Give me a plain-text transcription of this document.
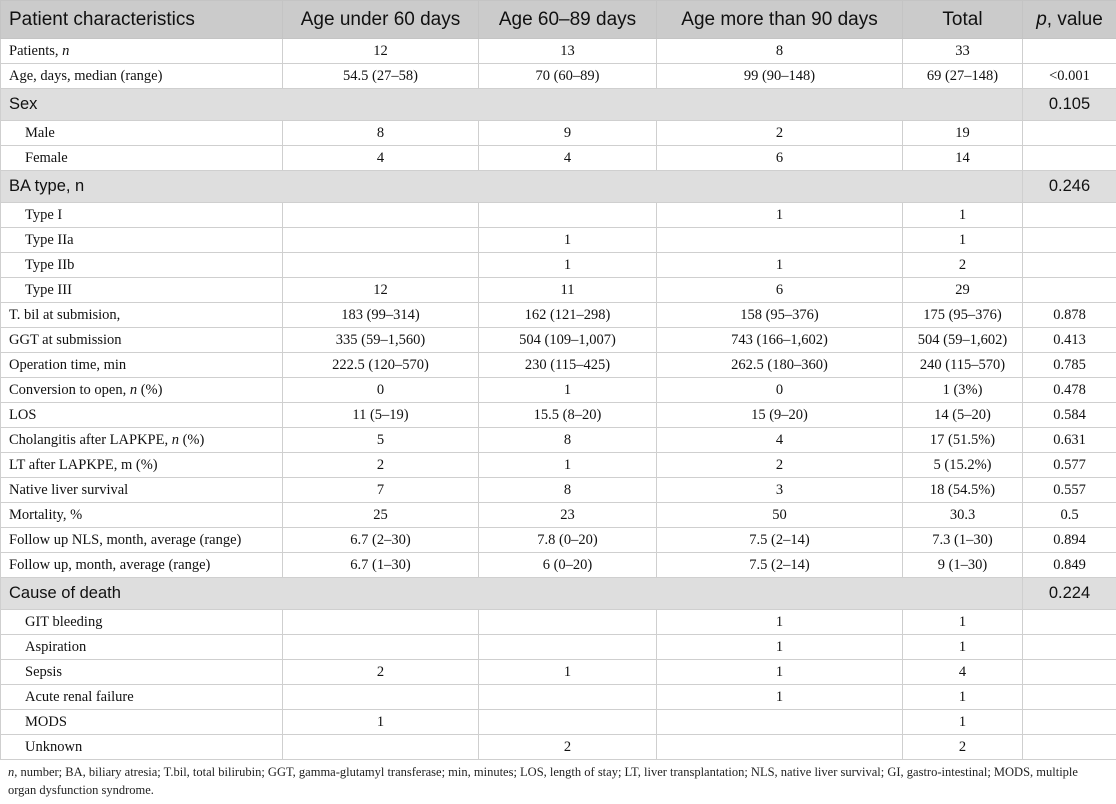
Patient characteristics	Age under 60 days	Age 60–89 days	Age more than 90 days	Total	p, value
Patients, n	12	13	8	33	
Age, days, median (range)	54.5 (27–58)	70 (60–89)	99 (90–148)	69 (27–148)	<0.001
Sex					0.105
Male	8	9	2	19	
Female	4	4	6	14	
BA type, n					0.246
Type I			1	1	
Type IIa		1		1	
Type IIb		1	1	2	
Type III	12	11	6	29	
T. bil at submision,	183 (99–314)	162 (121–298)	158 (95–376)	175 (95–376)	0.878
GGT at submission	335 (59–1,560)	504 (109–1,007)	743 (166–1,602)	504 (59–1,602)	0.413
Operation time, min	222.5 (120–570)	230 (115–425)	262.5 (180–360)	240 (115–570)	0.785
Conversion to open, n (%)	0	1	0	1 (3%)	0.478
LOS	11 (5–19)	15.5 (8–20)	15 (9–20)	14 (5–20)	0.584
Cholangitis after LAPKPE, n (%)	5	8	4	17 (51.5%)	0.631
LT after LAPKPE, m (%)	2	1	2	5 (15.2%)	0.577
Native liver survival	7	8	3	18 (54.5%)	0.557
Mortality, %	25	23	50	30.3	0.5
Follow up NLS, month, average (range)	6.7 (2–30)	7.8 (0–20)	7.5 (2–14)	7.3 (1–30)	0.894
Follow up, month, average (range)	6.7 (1–30)	6 (0–20)	7.5 (2–14)	9 (1–30)	0.849
Cause of death					0.224
GIT bleeding			1	1	
Aspiration			1	1	
Sepsis	2	1	1	4	
Acute renal failure			1	1	
MODS	1			1	
Unknown		2		2	
n, number; BA, biliary atresia; T.bil, total bilirubin; GGT, gamma-glutamyl transferase; min, minutes; LOS, length of stay; LT, liver transplantation; NLS, native liver survival; GI, gastro-intestinal; MODS, multiple organ dysfunction syndrome.
